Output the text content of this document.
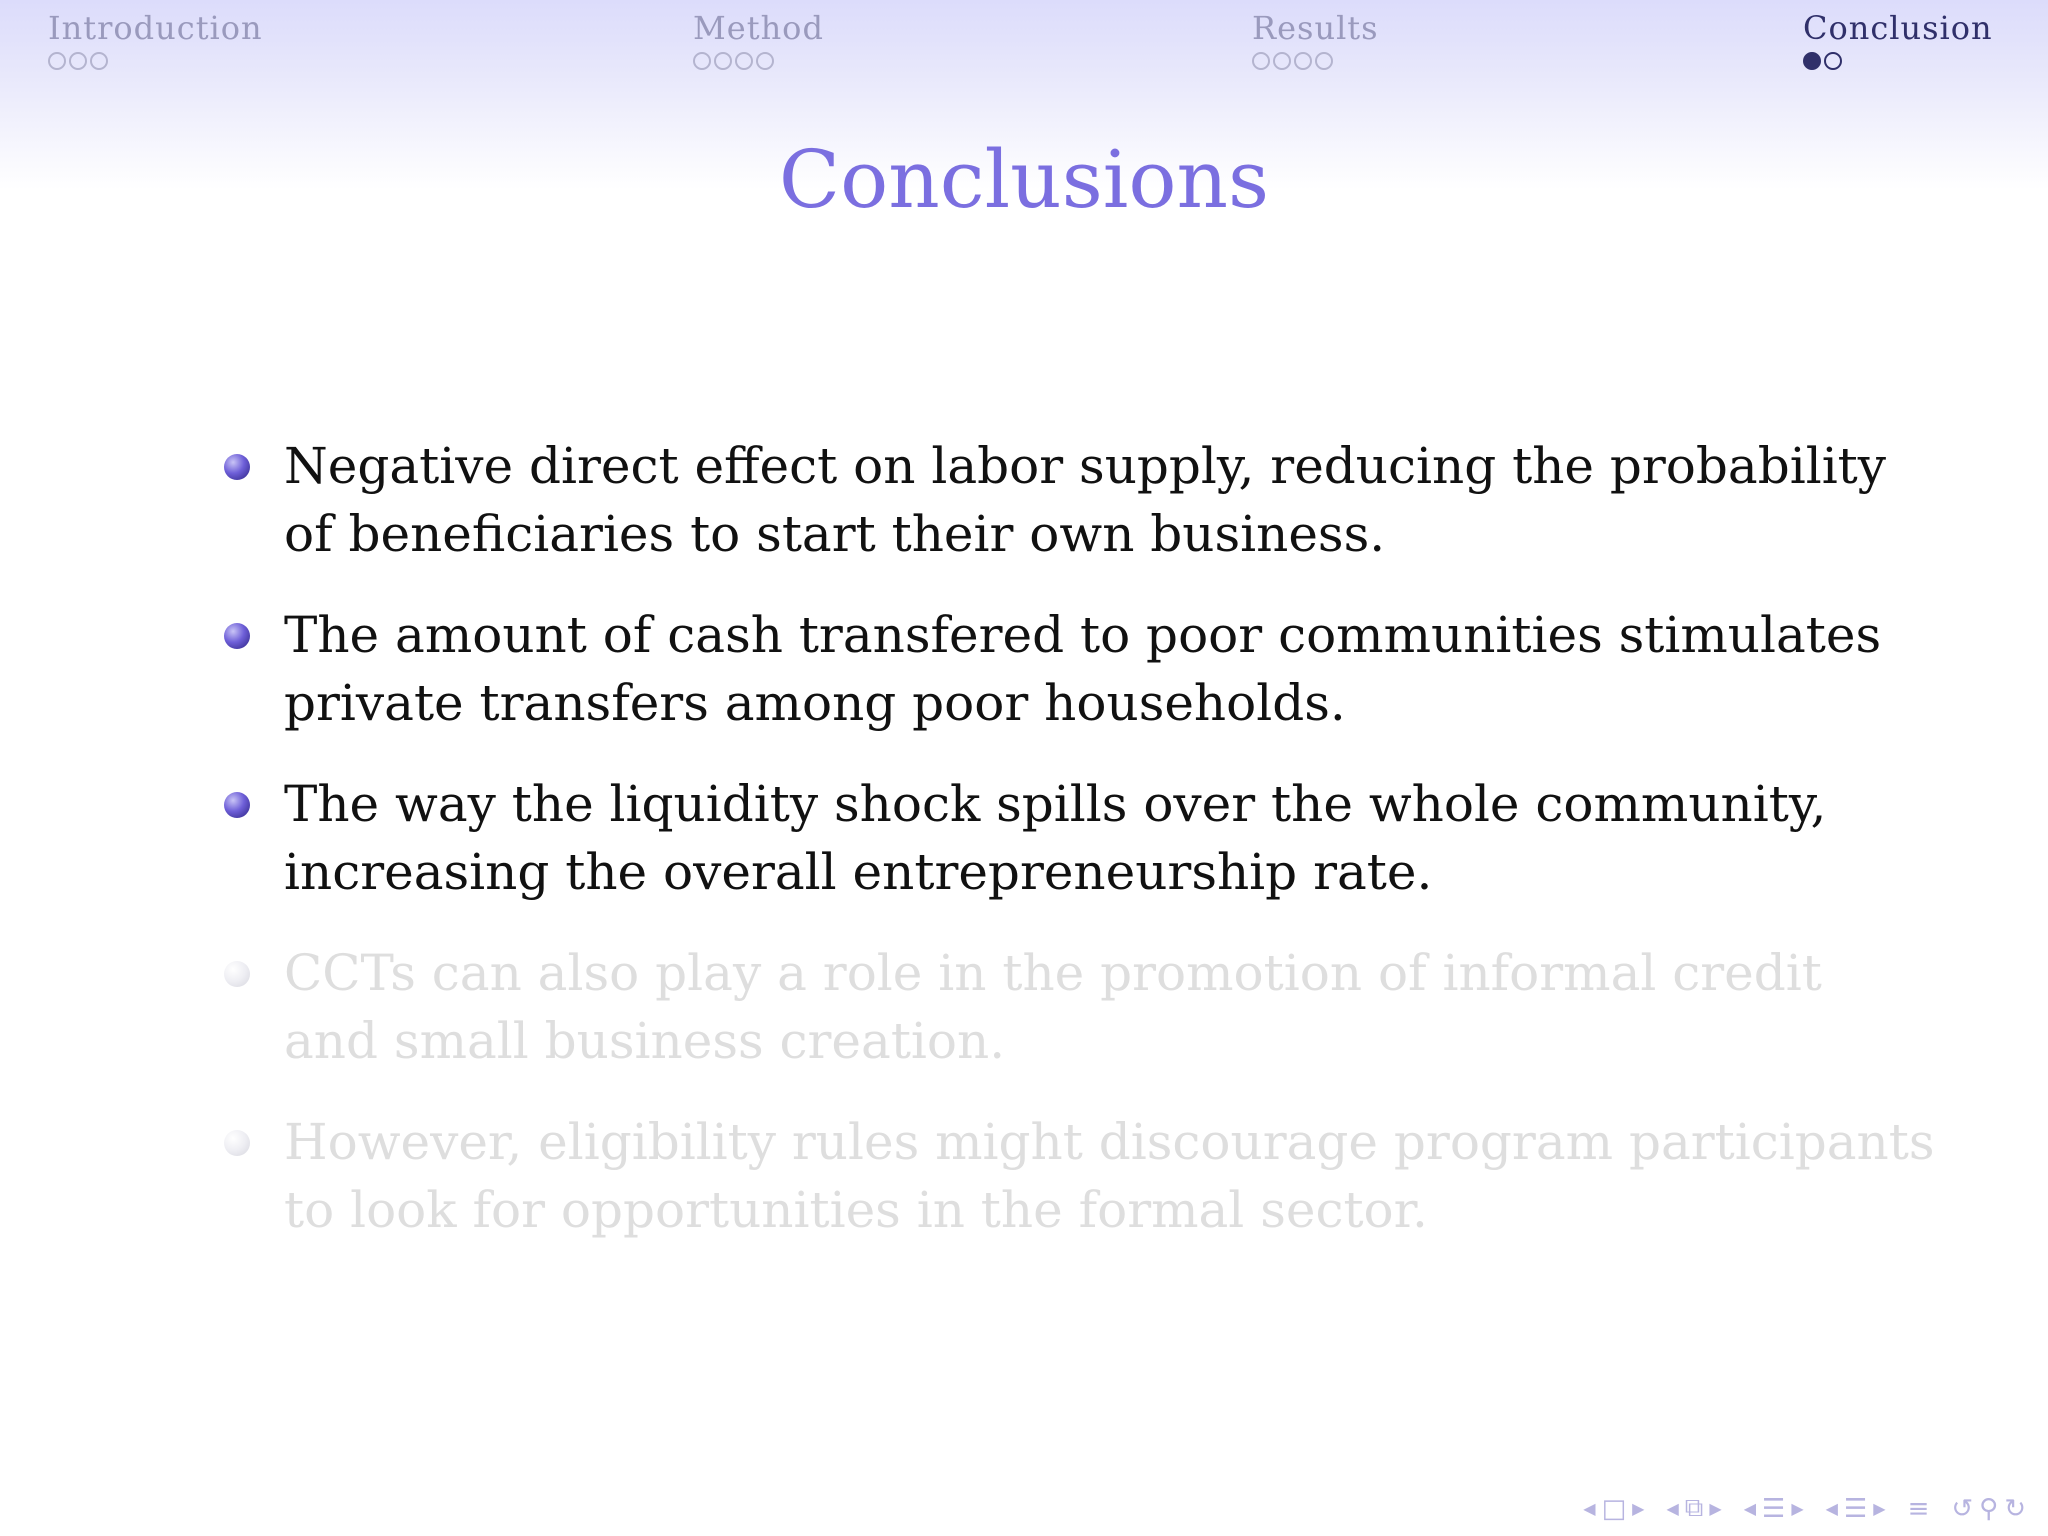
Introduction	Method	Results	Conclusion
Conclusions
Negative direct effect on labor supply, reducing the probability
of beneficiaries to start their own business.
The amount of cash transfered to poor communities stimulates
private transfers among poor households.
The way the liquidity shock spills over the whole community,
increasing the overall entrepreneurship rate.
CCTs can also play a role in the promotion of informal credit
and small business creation.
However, eligibility rules might discourage program participants
to look for opportunities in the formal sector.
◀ □ ▶ ◀ ⧉ ▶ ◀ ☰ ▶ ◀ ☰ ▶ ≡ ↺ ⚲ ↻
